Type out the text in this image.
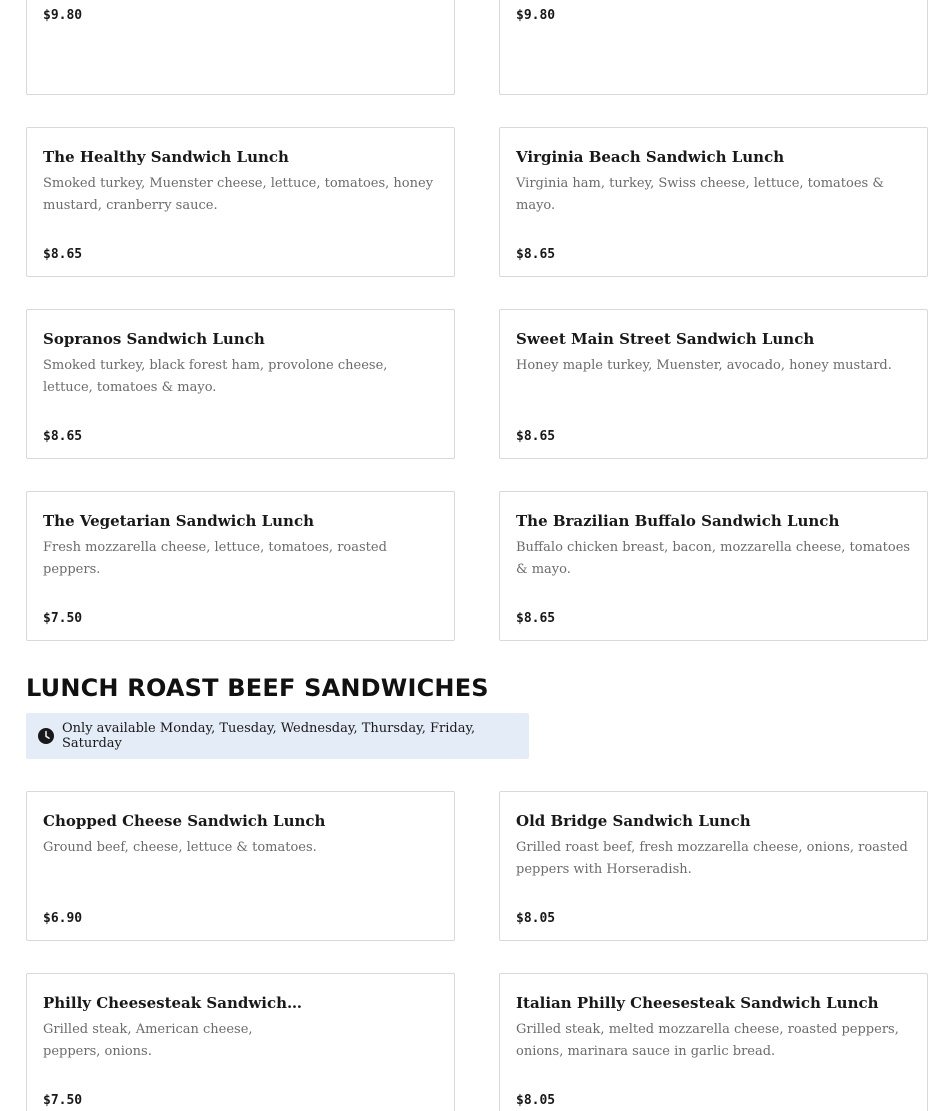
$9.80	$9.80
The Healthy Sandwich Lunch
Smoked turkey, Muenster cheese, lettuce, tomatoes, honey mustard, cranberry sauce.
$8.65
Virginia Beach Sandwich Lunch
Virginia ham, turkey, Swiss cheese, lettuce, tomatoes & mayo.
$8.65
Sopranos Sandwich Lunch
Smoked turkey, black forest ham, provolone cheese, lettuce, tomatoes & mayo.
$8.65
Sweet Main Street Sandwich Lunch
Honey maple turkey, Muenster, avocado, honey mustard.
$8.65
The Vegetarian Sandwich Lunch
Fresh mozzarella cheese, lettuce, tomatoes, roasted peppers.
$7.50
The Brazilian Buffalo Sandwich Lunch
Buffalo chicken breast, bacon, mozzarella cheese, tomatoes & mayo.
$8.65
LUNCH ROAST BEEF SANDWICHES
Only available Monday, Tuesday, Wednesday, Thursday, Friday, Saturday
Chopped Cheese Sandwich Lunch
Ground beef, cheese, lettuce & tomatoes.
$6.90
Old Bridge Sandwich Lunch
Grilled roast beef, fresh mozzarella cheese, onions, roasted peppers with Horseradish.
$8.05
Philly Cheesesteak Sandwich…
Grilled steak, American cheese, peppers, onions.
$7.50
Italian Philly Cheesesteak Sandwich Lunch
Grilled steak, melted mozzarella cheese, roasted peppers, onions, marinara sauce in garlic bread.
$8.05
